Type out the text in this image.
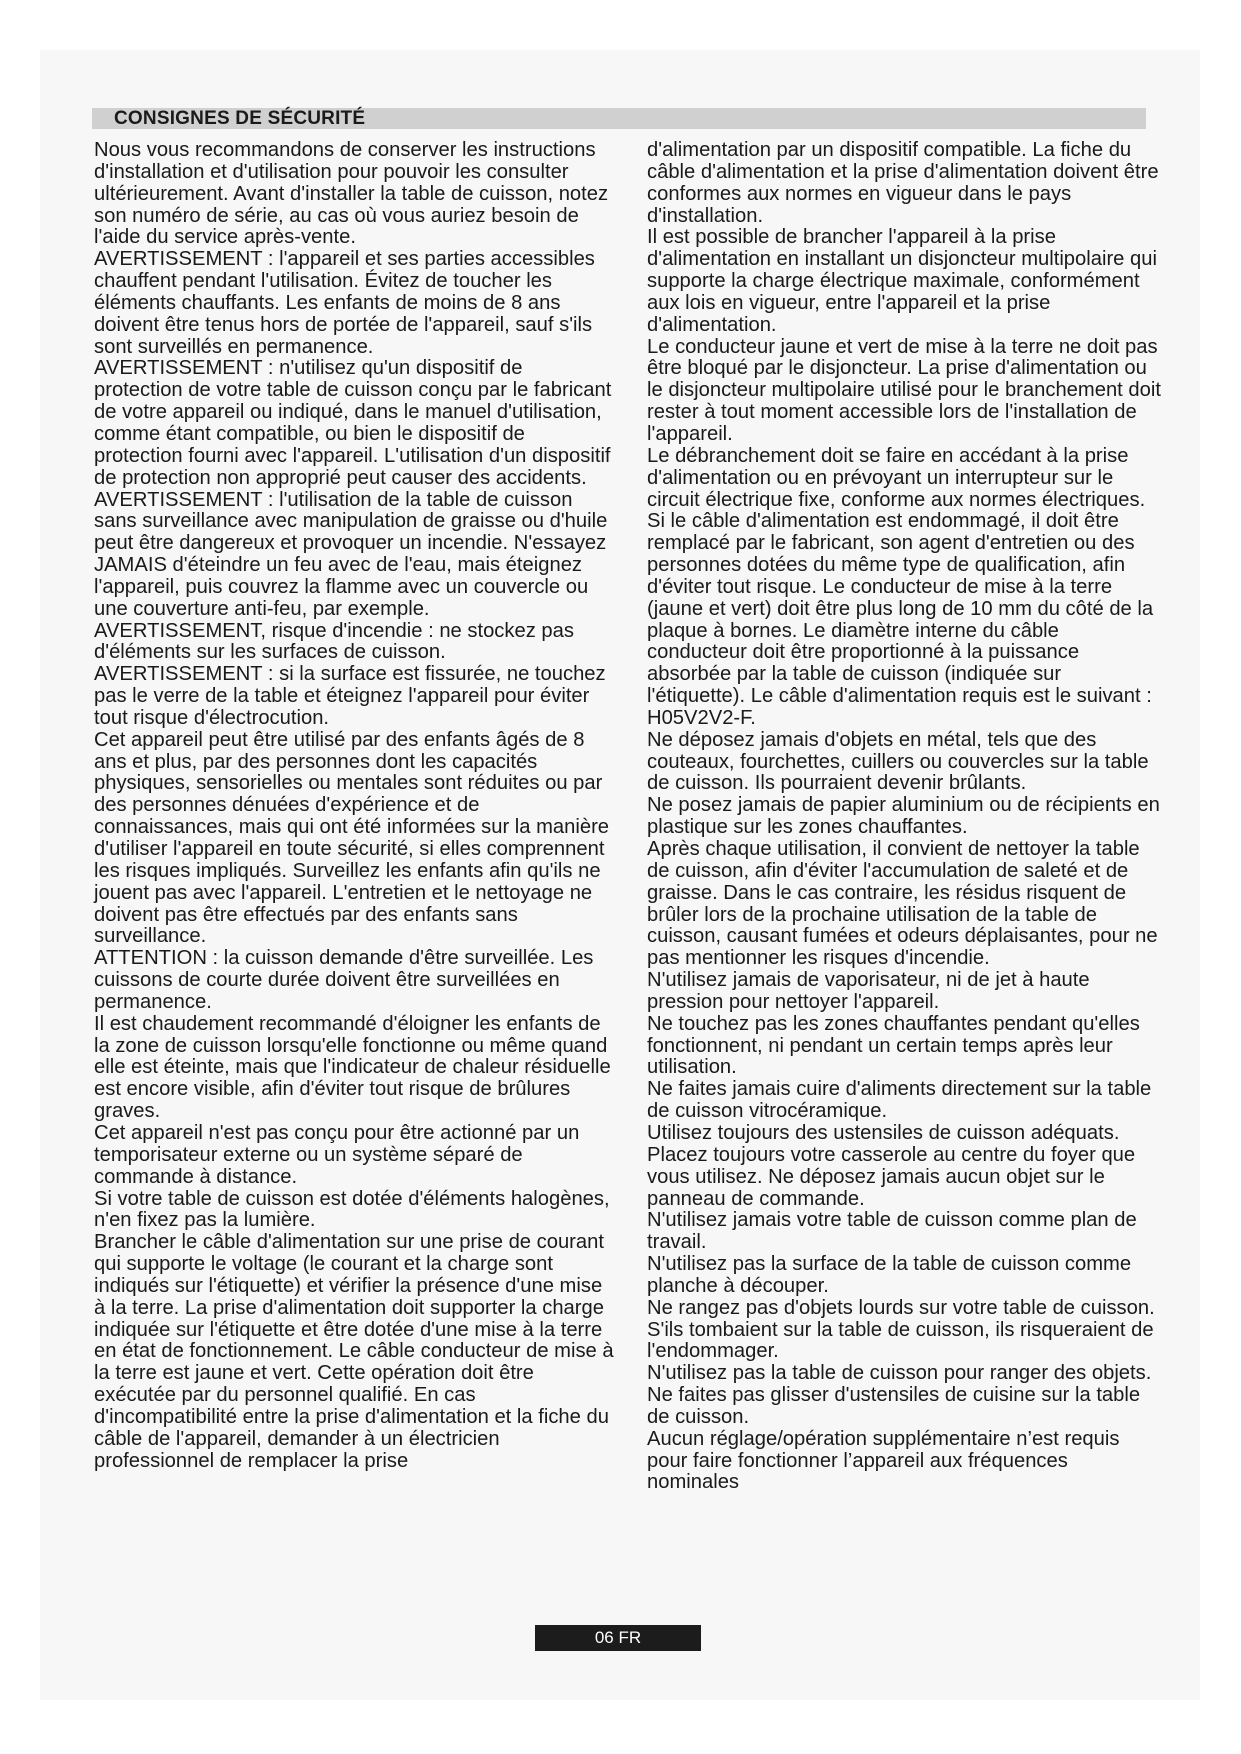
CONSIGNES DE SÉCURITÉ

Nous vous recommandons de conserver les instructions d'installation et d'utilisation pour pouvoir les consulter ultérieurement. Avant d'installer la table de cuisson, notez son numéro de série, au cas où vous auriez besoin de l'aide du service après-vente.

AVERTISSEMENT : l'appareil et ses parties accessibles chauffent pendant l'utilisation. Évitez de toucher les éléments chauffants. Les enfants de moins de 8 ans doivent être tenus hors de portée de l'appareil, sauf s'ils sont surveillés en permanence.

AVERTISSEMENT : n'utilisez qu'un dispositif de protection de votre table de cuisson conçu par le fabricant de votre appareil ou indiqué, dans le manuel d'utilisation, comme étant compatible, ou bien le dispositif de protection fourni avec l'appareil. L'utilisation d'un dispositif de protection non approprié peut causer des accidents.

AVERTISSEMENT : l'utilisation de la table de cuisson sans surveillance avec manipulation de graisse ou d'huile peut être dangereux et provoquer un incendie. N'essayez JAMAIS d'éteindre un feu avec de l'eau, mais éteignez l'appareil, puis couvrez la flamme avec un couvercle ou une couverture anti-feu, par exemple.

AVERTISSEMENT, risque d'incendie : ne stockez pas d'éléments sur les surfaces de cuisson.

AVERTISSEMENT : si la surface est fissurée, ne touchez pas le verre de la table et éteignez l'appareil pour éviter tout risque d'électrocution.

Cet appareil peut être utilisé par des enfants âgés de 8 ans et plus, par des personnes dont les capacités physiques, sensorielles ou mentales sont réduites ou par des personnes dénuées d'expérience et de connaissances, mais qui ont été informées sur la manière d'utiliser l'appareil en toute sécurité, si elles comprennent les risques impliqués. Surveillez les enfants afin qu'ils ne jouent pas avec l'appareil. L'entretien et le nettoyage ne doivent pas être effectués par des enfants sans surveillance.

ATTENTION : la cuisson demande d'être surveillée. Les cuissons de courte durée doivent être surveillées en permanence.

Il est chaudement recommandé d'éloigner les enfants de la zone de cuisson lorsqu'elle fonctionne ou même quand elle est éteinte, mais que l'indicateur de chaleur résiduelle est encore visible, afin d'éviter tout risque de brûlures graves.

Cet appareil n'est pas conçu pour être actionné par un temporisateur externe ou un système séparé de commande à distance.

Si votre table de cuisson est dotée d'éléments halogènes, n'en fixez pas la lumière.

Brancher le câble d'alimentation sur une prise de courant qui supporte le voltage (le courant et la charge sont indiqués sur l'étiquette) et vérifier la présence d'une mise à la terre. La prise d'alimentation doit supporter la charge indiquée sur l'étiquette et être dotée d'une mise à la terre en état de fonctionnement. Le câble conducteur de mise à la terre est jaune et vert. Cette opération doit être exécutée par du personnel qualifié. En cas d'incompatibilité entre la prise d'alimentation et la fiche du câble de l'appareil, demander à un électricien professionnel de remplacer la prise

d'alimentation par un dispositif compatible. La fiche du câble d'alimentation et la prise d'alimentation doivent être conformes aux normes en vigueur dans le pays d'installation.

Il est possible de brancher l'appareil à la prise d'alimentation en installant un disjoncteur multipolaire qui supporte la charge électrique maximale, conformément aux lois en vigueur, entre l'appareil et la prise d'alimentation.

Le conducteur jaune et vert de mise à la terre ne doit pas être bloqué par le disjoncteur. La prise d'alimentation ou le disjoncteur multipolaire utilisé pour le branchement doit rester à tout moment accessible lors de l'installation de l'appareil.

Le débranchement doit se faire en accédant à la prise d'alimentation ou en prévoyant un interrupteur sur le circuit électrique fixe, conforme aux normes électriques.

Si le câble d'alimentation est endommagé, il doit être remplacé par le fabricant, son agent d'entretien ou des personnes dotées du même type de qualification, afin d'éviter tout risque. Le conducteur de mise à la terre (jaune et vert) doit être plus long de 10 mm du côté de la plaque à bornes. Le diamètre interne du câble conducteur doit être proportionné à la puissance absorbée par la table de cuisson (indiquée sur l'étiquette). Le câble d'alimentation requis est le suivant : H05V2V2-F.

Ne déposez jamais d'objets en métal, tels que des couteaux, fourchettes, cuillers ou couvercles sur la table de cuisson. Ils pourraient devenir brûlants.

Ne posez jamais de papier aluminium ou de récipients en plastique sur les zones chauffantes.

Après chaque utilisation, il convient de nettoyer la table de cuisson, afin d'éviter l'accumulation de saleté et de graisse. Dans le cas contraire, les résidus risquent de brûler lors de la prochaine utilisation de la table de cuisson, causant fumées et odeurs déplaisantes, pour ne pas mentionner les risques d'incendie.

N'utilisez jamais de vaporisateur, ni de jet à haute pression pour nettoyer l'appareil.

Ne touchez pas les zones chauffantes pendant qu'elles fonctionnent, ni pendant un certain temps après leur utilisation.

Ne faites jamais cuire d'aliments directement sur la table de cuisson vitrocéramique.

Utilisez toujours des ustensiles de cuisson adéquats.

Placez toujours votre casserole au centre du foyer que vous utilisez. Ne déposez jamais aucun objet sur le panneau de commande.

N'utilisez jamais votre table de cuisson comme plan de travail.

N'utilisez pas la surface de la table de cuisson comme planche à découper.

Ne rangez pas d'objets lourds sur votre table de cuisson. S'ils tombaient sur la table de cuisson, ils risqueraient de l'endommager.

N'utilisez pas la table de cuisson pour ranger des objets.

Ne faites pas glisser d'ustensiles de cuisine sur la table de cuisson.

Aucun réglage/opération supplémentaire n’est requis pour faire fonctionner l’appareil aux fréquences nominales

06 FR
